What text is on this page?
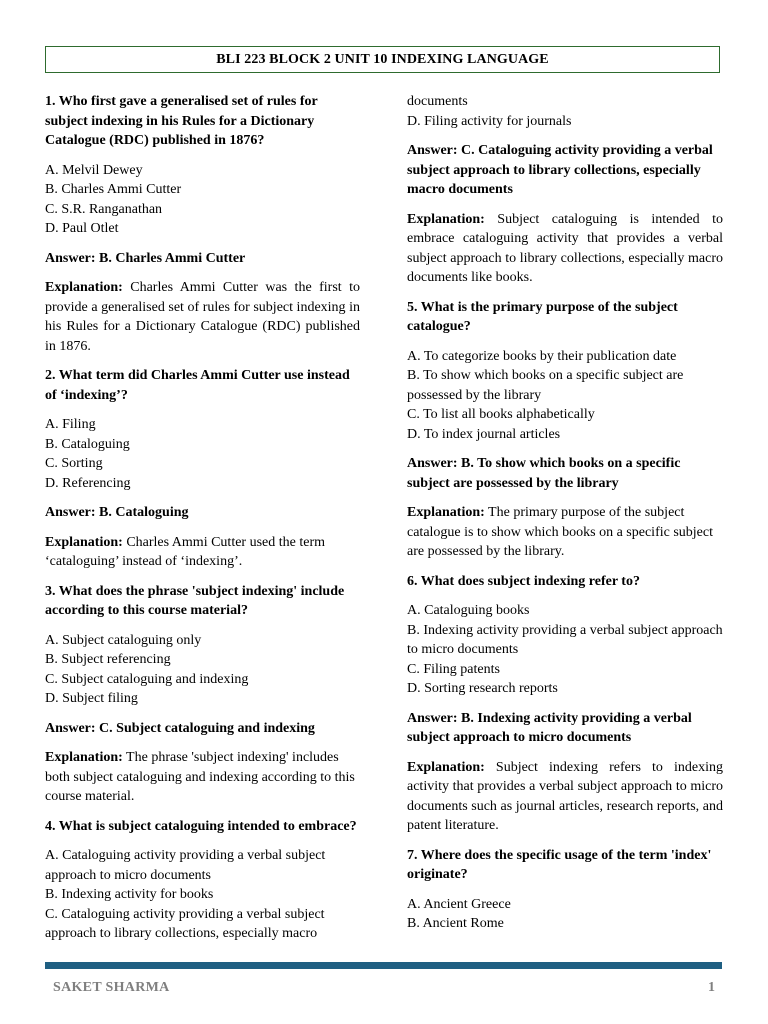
BLI 223 BLOCK 2 UNIT 10 INDEXING LANGUAGE

1. Who first gave a generalised set of rules for subject indexing in his Rules for a Dictionary Catalogue (RDC) published in 1876?

A. Melvil Dewey
B. Charles Ammi Cutter
C. S.R. Ranganathan
D. Paul Otlet

Answer: B. Charles Ammi Cutter

Explanation: Charles Ammi Cutter was the first to provide a generalised set of rules for subject indexing in his Rules for a Dictionary Catalogue (RDC) published in 1876.

2. What term did Charles Ammi Cutter use instead of ‘indexing’?

A. Filing
B. Cataloguing
C. Sorting
D. Referencing

Answer: B. Cataloguing

Explanation: Charles Ammi Cutter used the term ‘cataloguing’ instead of ‘indexing’.

3. What does the phrase 'subject indexing' include according to this course material?

A. Subject cataloguing only
B. Subject referencing
C. Subject cataloguing and indexing
D. Subject filing

Answer: C. Subject cataloguing and indexing

Explanation: The phrase 'subject indexing' includes both subject cataloguing and indexing according to this course material.

4. What is subject cataloguing intended to embrace?

A. Cataloguing activity providing a verbal subject approach to micro documents
B. Indexing activity for books
C. Cataloguing activity providing a verbal subject approach to library collections, especially macro
documents
D. Filing activity for journals

Answer: C. Cataloguing activity providing a verbal subject approach to library collections, especially macro documents

Explanation: Subject cataloguing is intended to embrace cataloguing activity that provides a verbal subject approach to library collections, especially macro documents like books.

5. What is the primary purpose of the subject catalogue?

A. To categorize books by their publication date
B. To show which books on a specific subject are possessed by the library
C. To list all books alphabetically
D. To index journal articles

Answer: B. To show which books on a specific subject are possessed by the library

Explanation: The primary purpose of the subject catalogue is to show which books on a specific subject are possessed by the library.

6. What does subject indexing refer to?

A. Cataloguing books
B. Indexing activity providing a verbal subject approach to micro documents
C. Filing patents
D. Sorting research reports

Answer: B. Indexing activity providing a verbal subject approach to micro documents

Explanation: Subject indexing refers to indexing activity that provides a verbal subject approach to micro documents such as journal articles, research reports, and patent literature.

7. Where does the specific usage of the term 'index' originate?

A. Ancient Greece
B. Ancient Rome
SAKET SHARMA	1
